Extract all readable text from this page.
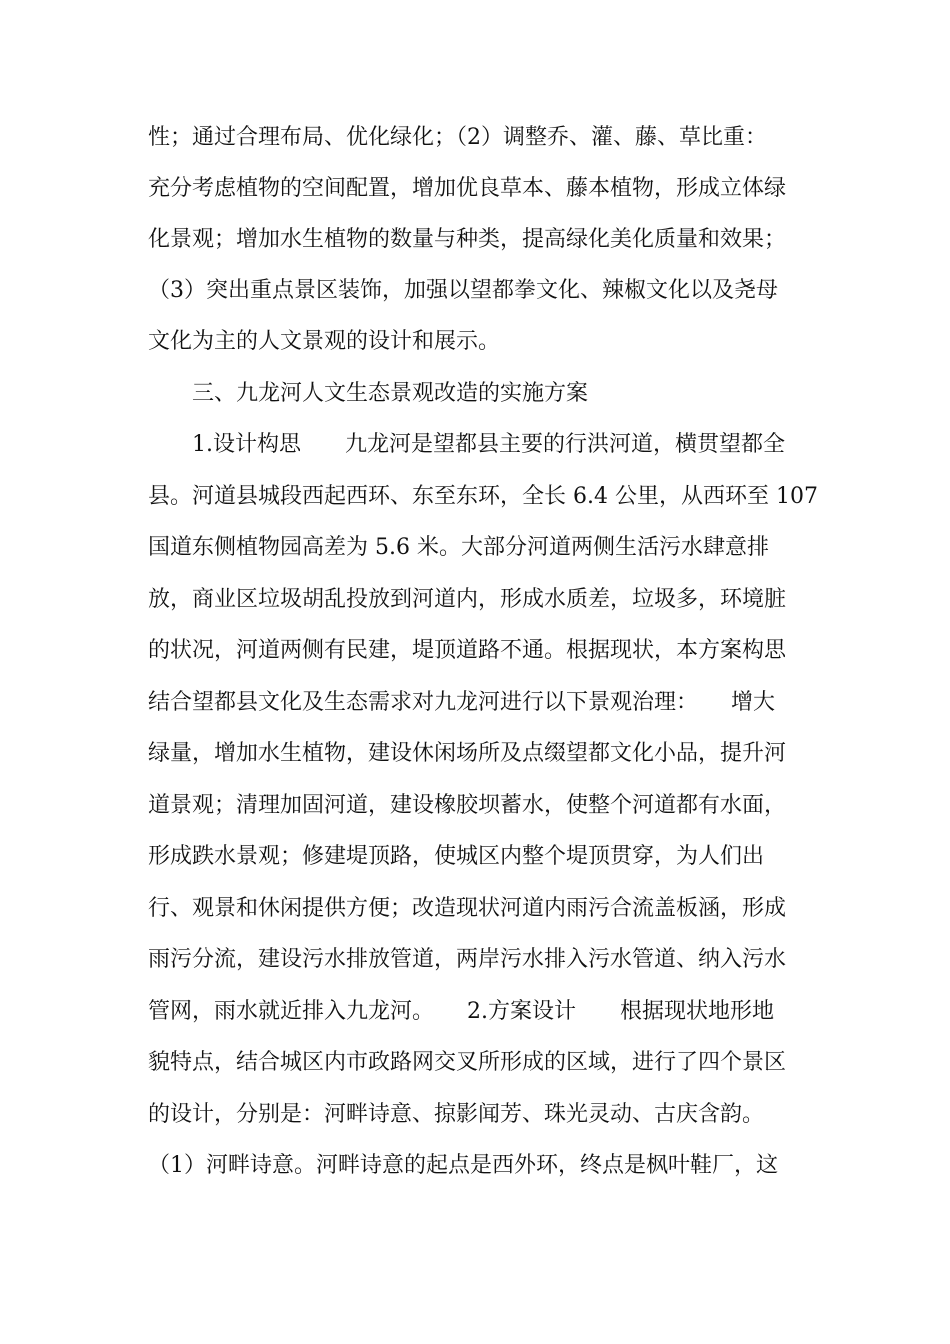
性；通过合理布局、优化绿化；（2）调整乔、灌、藤、草比重：
充分考虑植物的空间配置，增加优良草本、藤本植物，形成立体绿
化景观；增加水生植物的数量与种类，提高绿化美化质量和效果；
（3）突出重点景区装饰，加强以望都拳文化、辣椒文化以及尧母
文化为主的人文景观的设计和展示。
三、九龙河人文生态景观改造的实施方案
1.设计构思　　九龙河是望都县主要的行洪河道，横贯望都全
县。河道县城段西起西环、东至东环，全长 6.4 公里，从西环至 107
国道东侧植物园高差为 5.6 米。大部分河道两侧生活污水肆意排
放，商业区垃圾胡乱投放到河道内，形成水质差，垃圾多，环境脏
的状况，河道两侧有民建，堤顶道路不通。根据现状，本方案构思
结合望都县文化及生态需求对九龙河进行以下景观治理：　　增大
绿量，增加水生植物，建设休闲场所及点缀望都文化小品，提升河
道景观；清理加固河道，建设橡胶坝蓄水，使整个河道都有水面，
形成跌水景观；修建堤顶路，使城区内整个堤顶贯穿，为人们出
行、观景和休闲提供方便；改造现状河道内雨污合流盖板涵，形成
雨污分流，建设污水排放管道，两岸污水排入污水管道、纳入污水
管网，雨水就近排入九龙河。　　2.方案设计　　根据现状地形地
貌特点，结合城区内市政路网交叉所形成的区域，进行了四个景区
的设计，分别是：河畔诗意、掠影闻芳、珠光灵动、古庆含韵。
（1）河畔诗意。河畔诗意的起点是西外环，终点是枫叶鞋厂，这
